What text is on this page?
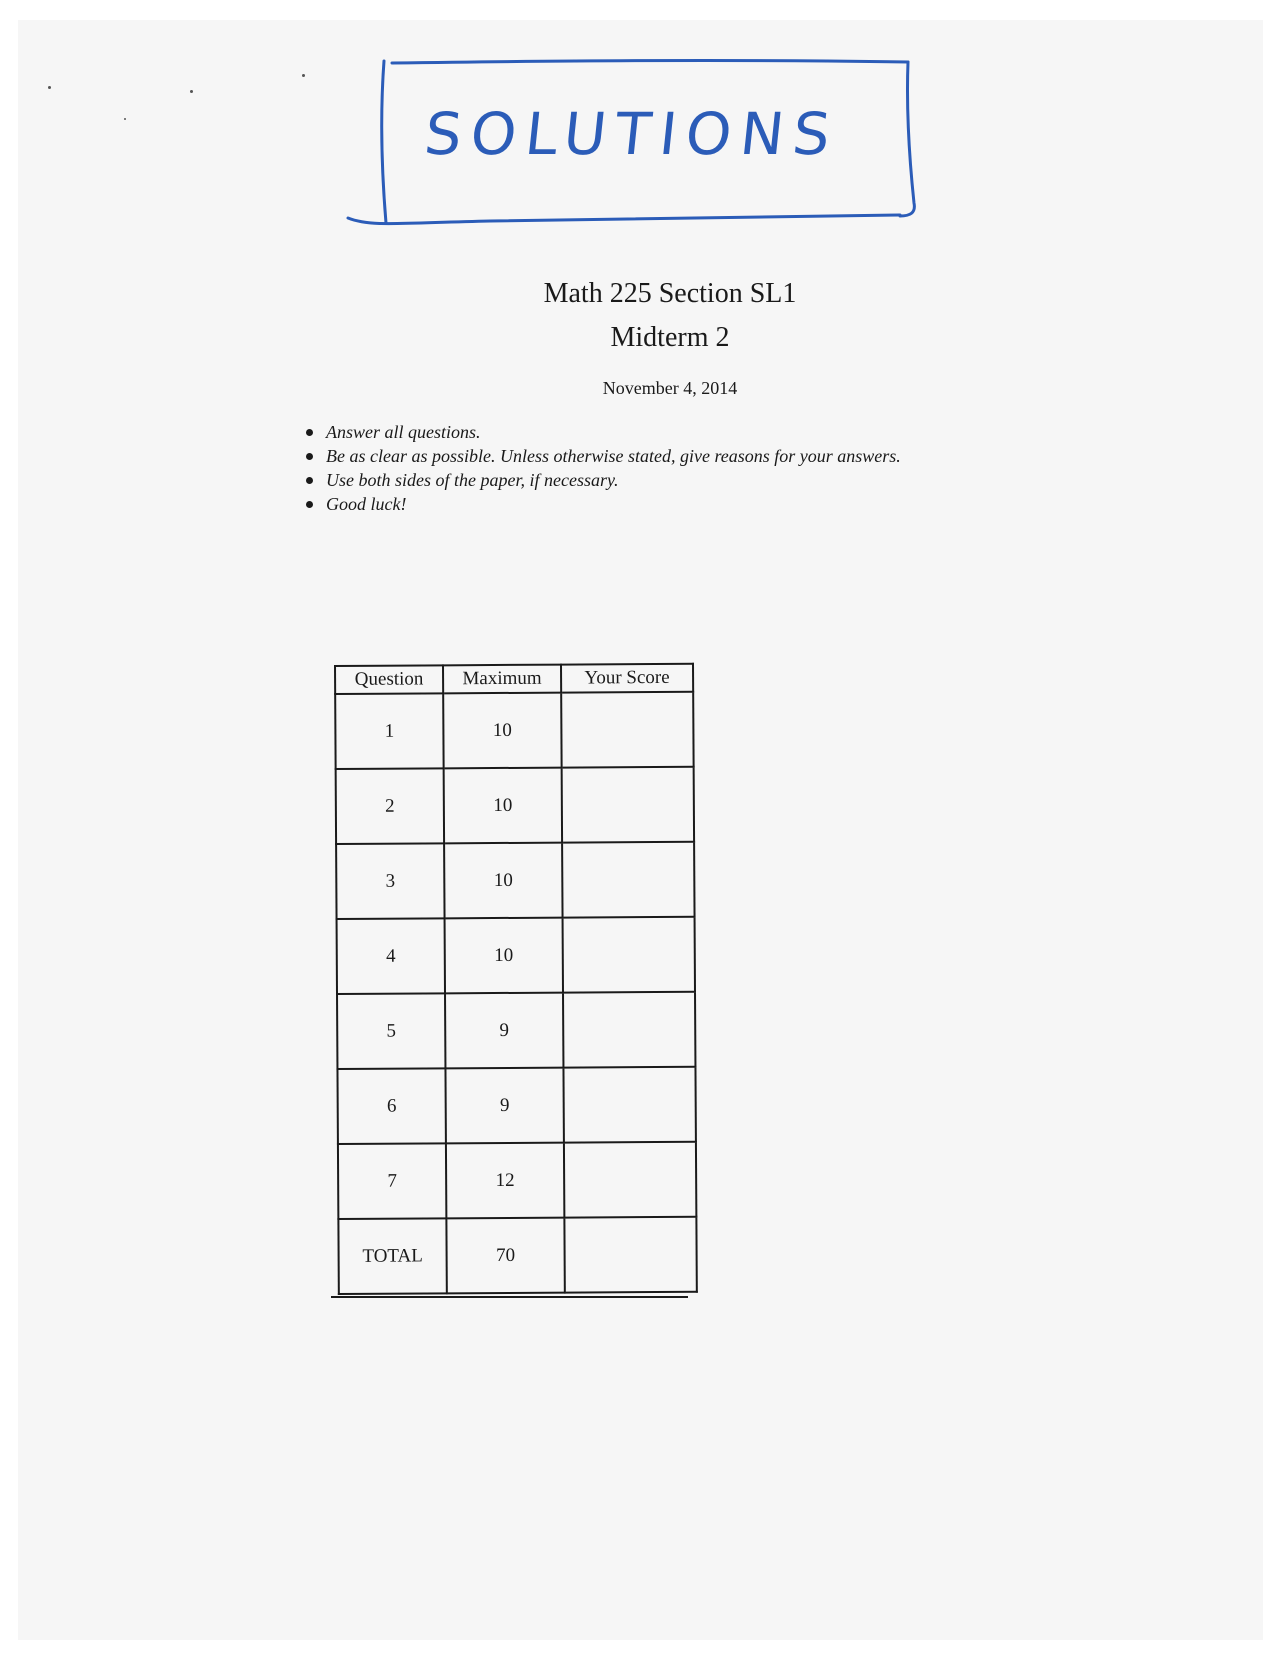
SOLUTIONS
Math 225 Section SL1
Midterm 2
November 4, 2014
Answer all questions.
Be as clear as possible. Unless otherwise stated, give reasons for your answers.
Use both sides of the paper, if necessary.
Good luck!
Question	Maximum	Your Score
1	10	
2	10	
3	10	
4	10	
5	9	
6	9	
7	12	
TOTAL	70	
